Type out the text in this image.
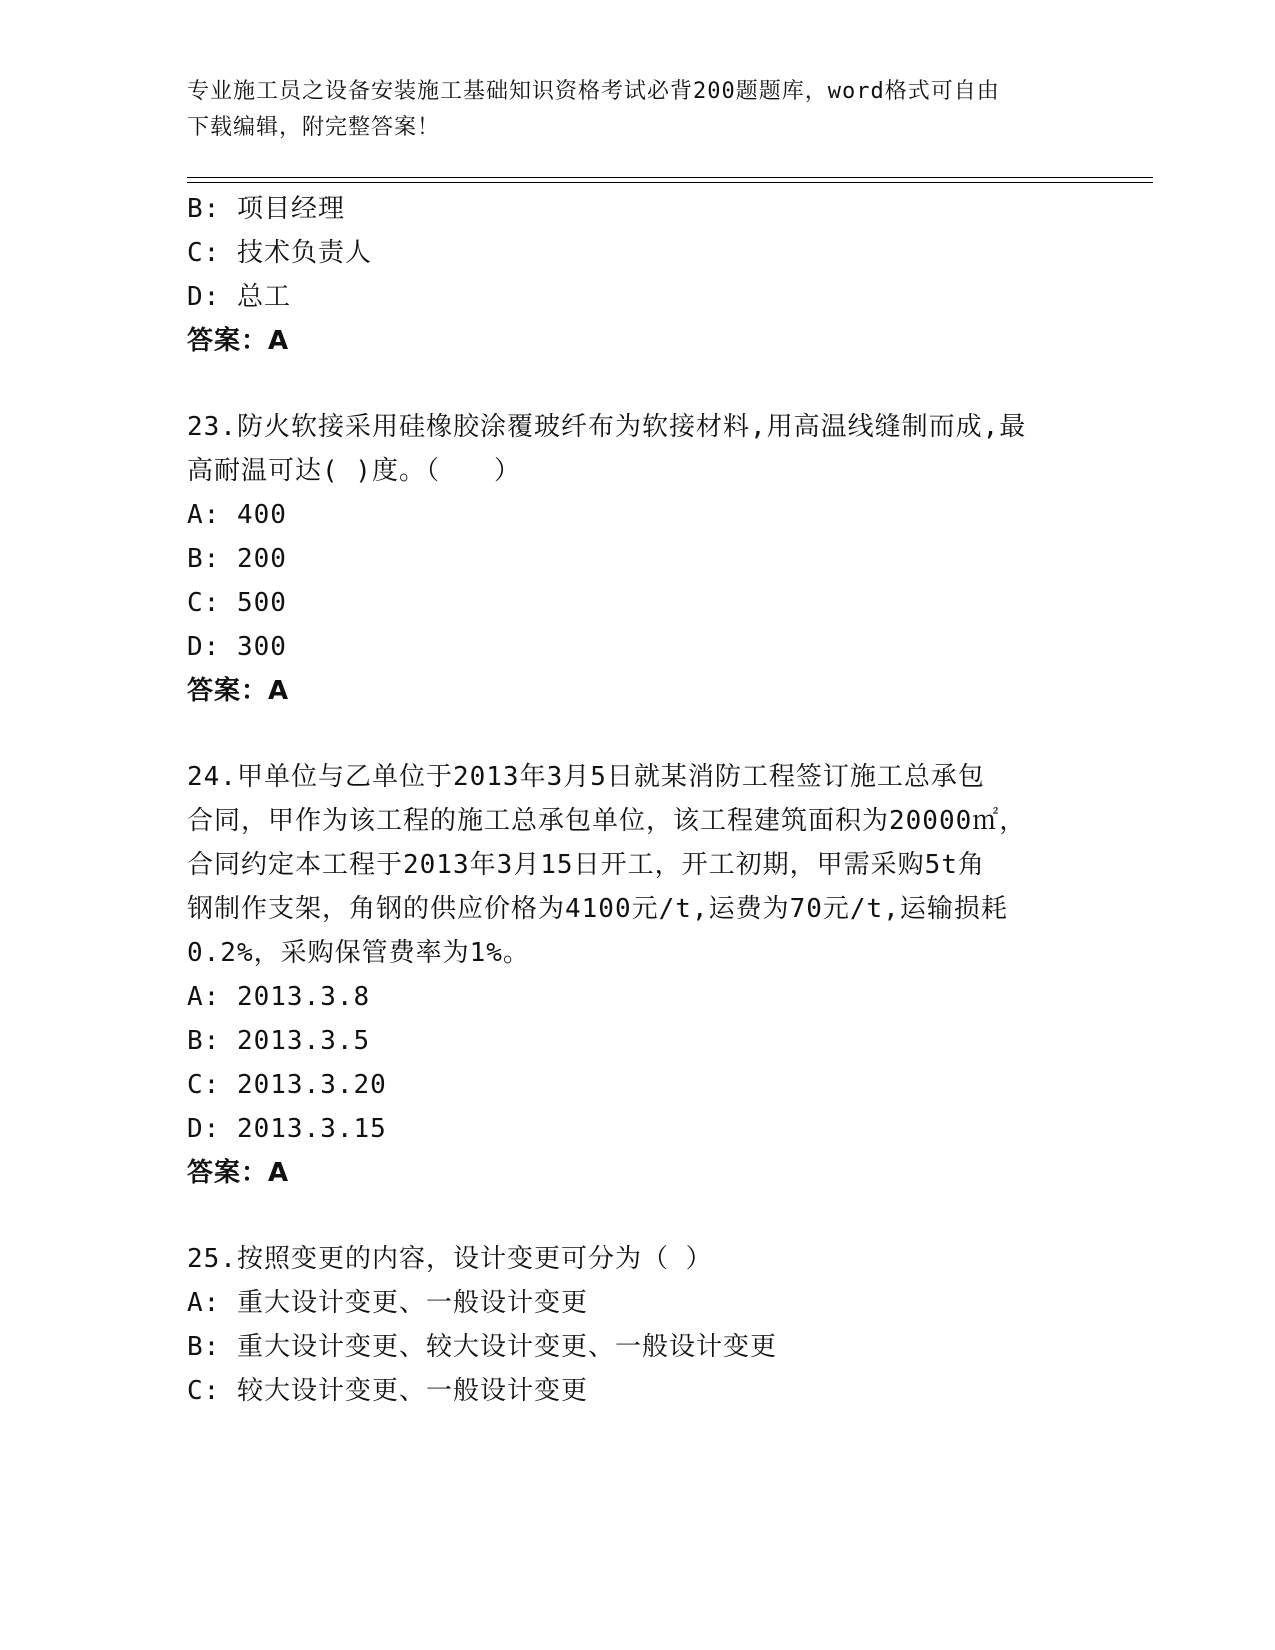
专业施工员之设备安装施工基础知识资格考试必背200题题库，word格式可自由
下载编辑，附完整答案！
B: 项目经理
C: 技术负责人
D: 总工
答案：A
23.防火软接采用硅橡胶涂覆玻纤布为软接材料,用高温线缝制而成,最
高耐温可达( )度。（　　）
A: 400
B: 200
C: 500
D: 300
答案：A
24.甲单位与乙单位于2013年3月5日就某消防工程签订施工总承包
合同，甲作为该工程的施工总承包单位，该工程建筑面积为20000㎡，
合同约定本工程于2013年3月15日开工，开工初期，甲需采购5t角
钢制作支架，角钢的供应价格为4100元/t,运费为70元/t,运输损耗
0.2%，采购保管费率为1%。
A: 2013.3.8
B: 2013.3.5
C: 2013.3.20
D: 2013.3.15
答案：A
25.按照变更的内容，设计变更可分为（ ）
A: 重大设计变更、一般设计变更
B: 重大设计变更、较大设计变更、一般设计变更
C: 较大设计变更、一般设计变更
